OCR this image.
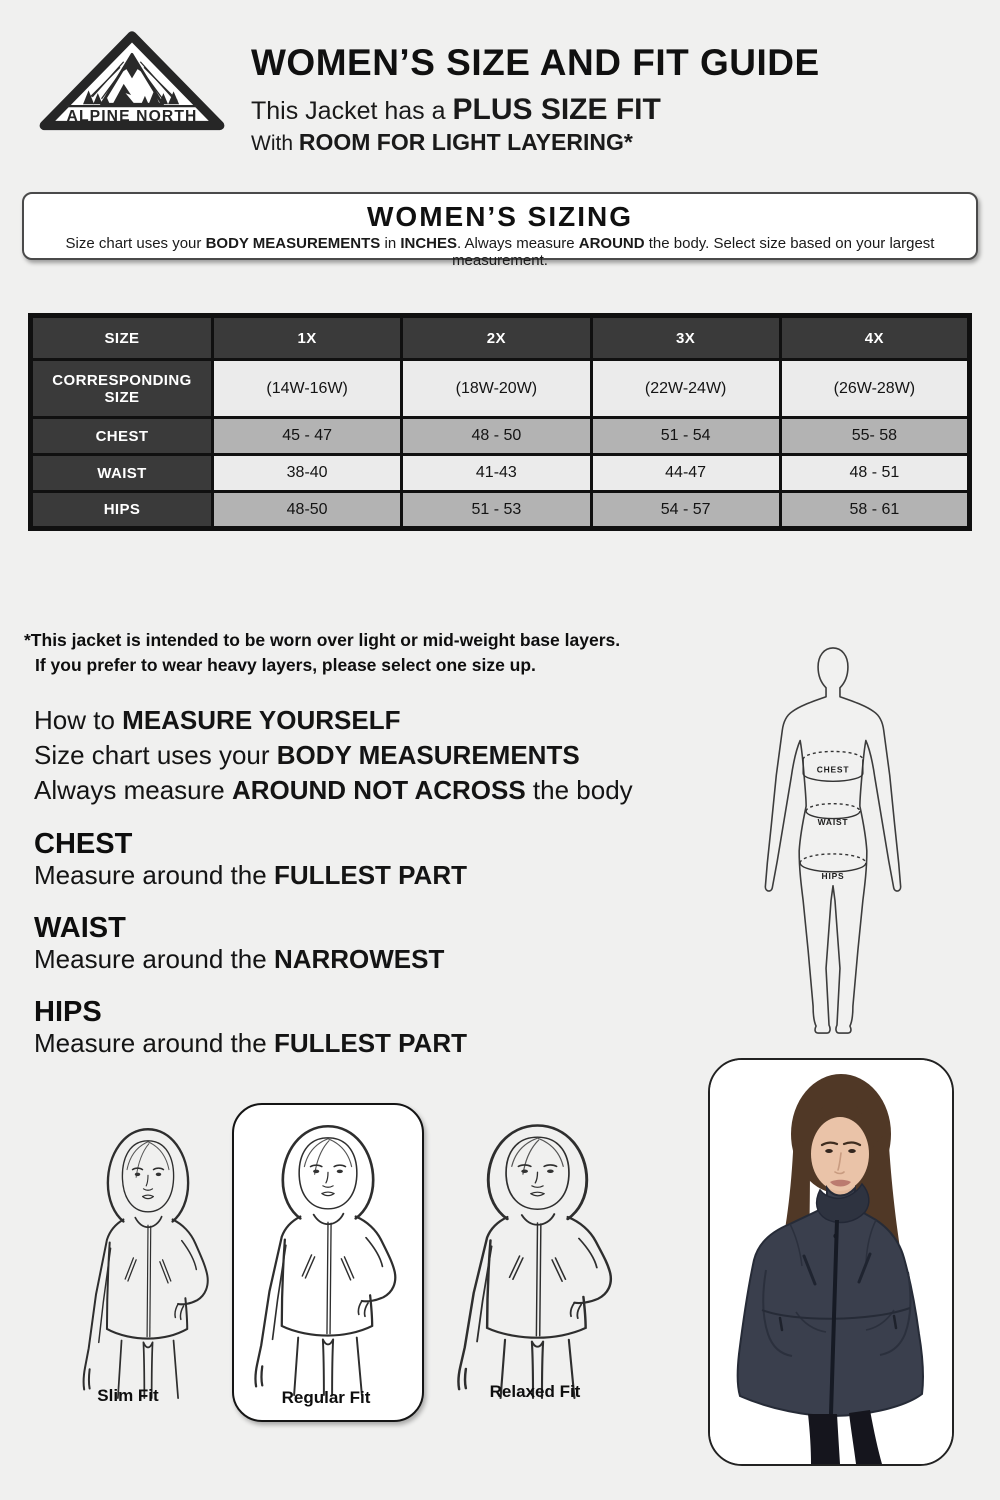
ALPINE NORTH
WOMEN’S SIZE AND FIT GUIDE
This Jacket has a PLUS SIZE FIT
With ROOM FOR LIGHT LAYERING*
WOMEN’S SIZING
Size chart uses your BODY MEASUREMENTS in INCHES. Always measure AROUND the body. Select size based on your largest measurement.
SIZE	1X	2X	3X	4X
CORRESPONDING SIZE	(14W-16W)	(18W-20W)	(22W-24W)	(26W-28W)
CHEST	45 - 47	48 - 50	51 - 54	55- 58
WAIST	38-40	41-43	44-47	48 - 51
HIPS	48-50	51 - 53	54 - 57	58 - 61
*This jacket is intended to be worn over light or mid-weight base layers.
If you prefer to wear heavy layers, please select one size up.
How to MEASURE YOURSELF
Size chart uses your BODY MEASUREMENTS
Always measure AROUND NOT ACROSS the body
CHEST

Measure around the FULLEST PART

WAIST

Measure around the NARROWEST

HIPS

Measure around the FULLEST PART

CHEST
WAIST
HIPS
Slim Fit	Regular Fit	Relaxed Fit
